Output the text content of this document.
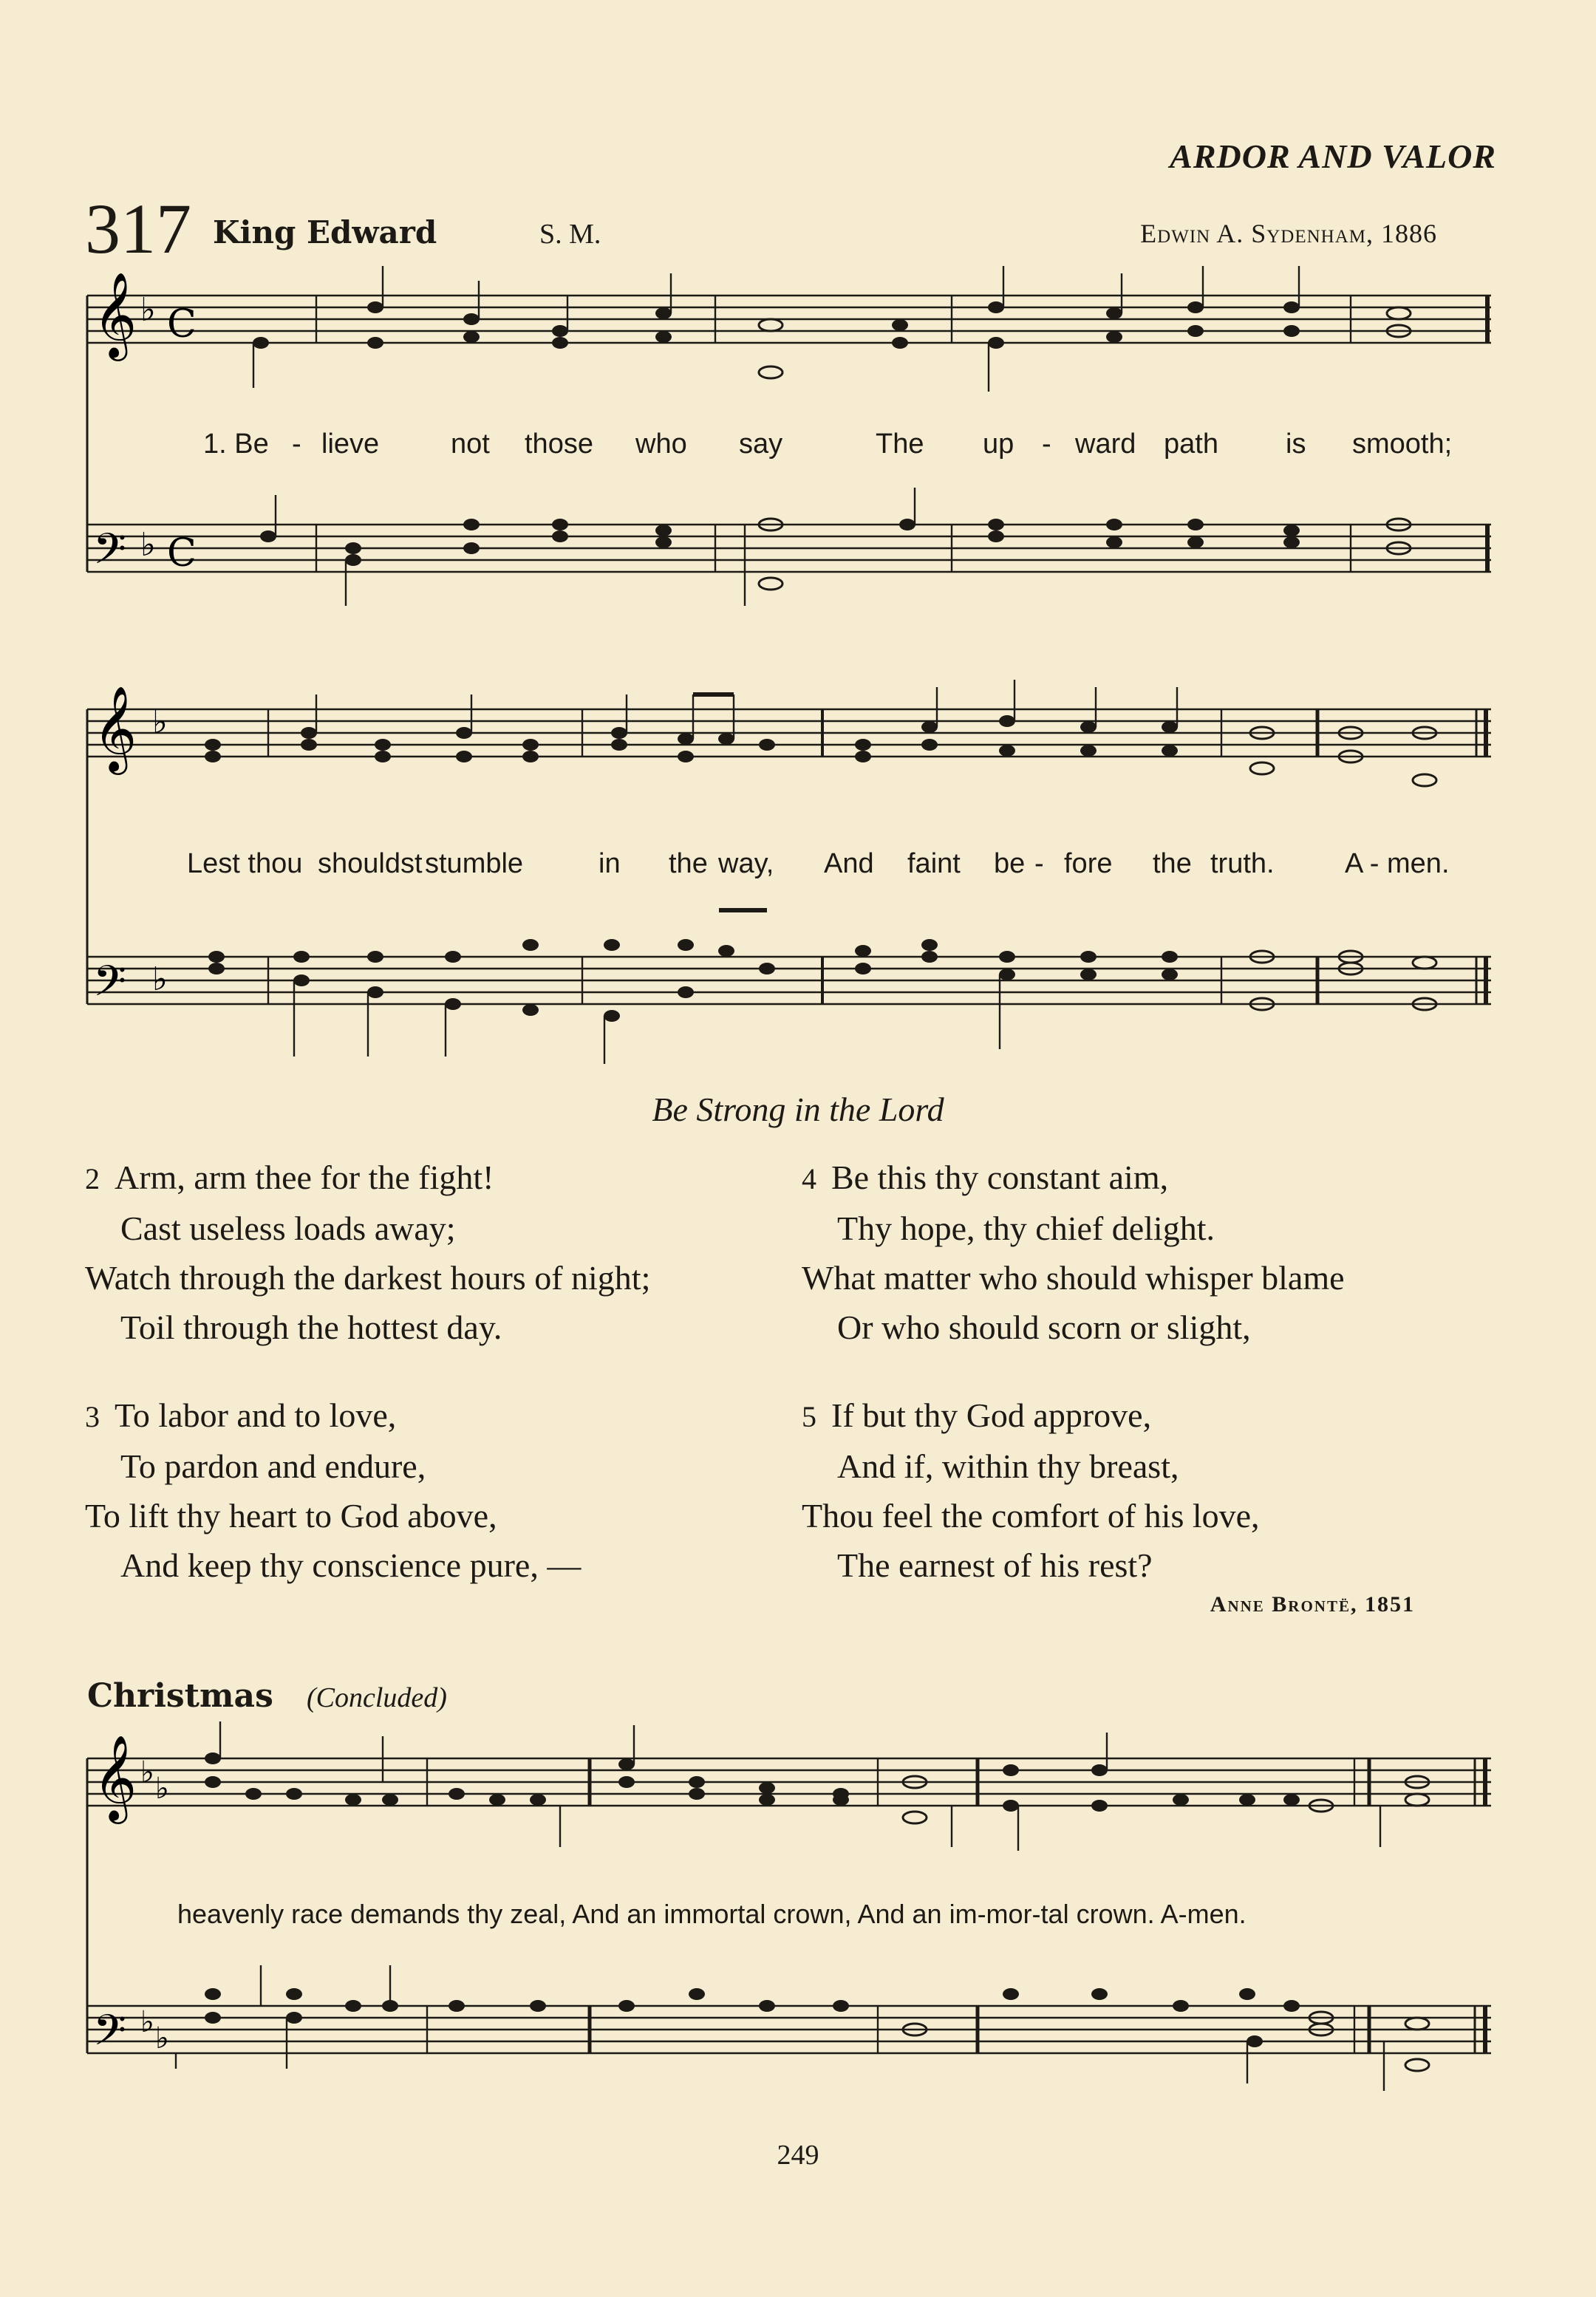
ARDOR AND VALOR
317 King Edward	S. M.	Edwin A. Sydenham, 1886
𝄞
𝄢
♭
♭
C
C
1. Be - lieve	not those who say	The up - ward path is smooth;
𝄞
𝄢
♭
♭
Lest thou shouldst stumble	in the way, And faint be - fore the truth.	A - men.
Be Strong in the Lord
2 Arm, arm thee for the fight!
Cast useless loads away;
Watch through the darkest hours of night;
Toil through the hottest day.
4 Be this thy constant aim,
Thy hope, thy chief delight.
What matter who should whisper blame
Or who should scorn or slight,
3 To labor and to love,
To pardon and endure,
To lift thy heart to God above,
And keep thy conscience pure, —
5 If but thy God approve,
And if, within thy breast,
Thou feel the comfort of his love,
The earnest of his rest?
Anne Brontë, 1851
Christmas (Concluded)
𝄞
𝄢
♭ ♭
♭ ♭
heavenly race demands thy zeal, And an immortal crown, And an im-mor-tal crown. A-men.
249
